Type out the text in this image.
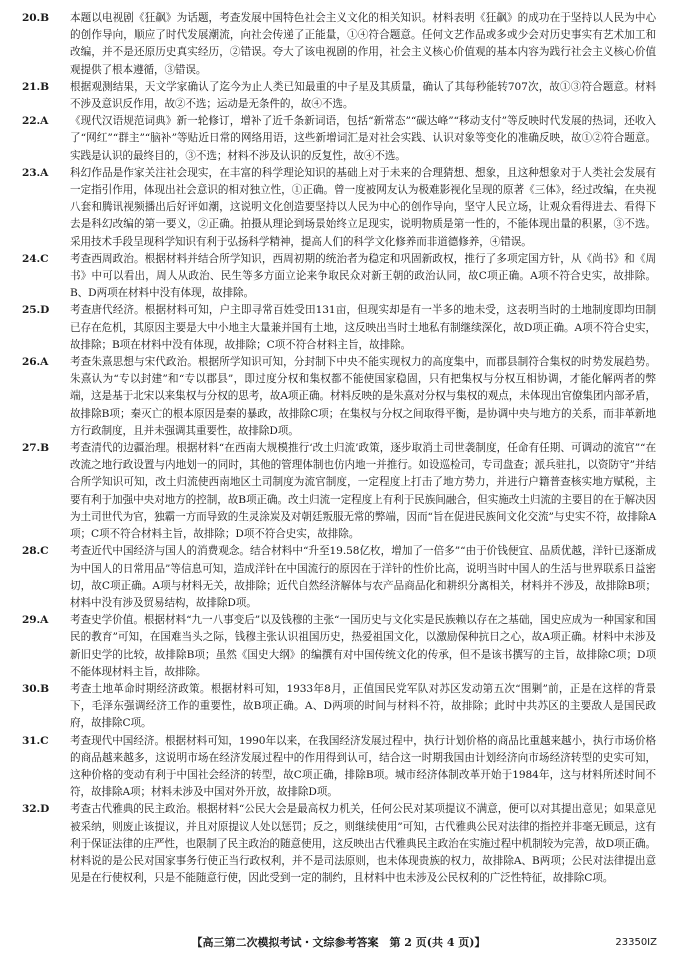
20.B	本题以电视剧《狂飙》为话题，考查发展中国特色社会主义文化的相关知识。材料表明《狂飙》的成功在于坚持以人民为中心的创作导向，顺应了时代发展潮流，向社会传递了正能量，①④符合题意。任何文艺作品或多或少会对历史事实有艺术加工和改编，并不是还原历史真实经历，②错误。夸大了该电视剧的作用，社会主义核心价值观的基本内容为践行社会主义核心价值观提供了根本遵循，③错误。
21.B	根据观测结果，天文学家确认了迄今为止人类已知最重的中子星及其质量，确认了其每秒能转707次，故①③符合题意。材料不涉及意识反作用，故②不选；运动是无条件的，故④不选。
22.A	《现代汉语规范词典》新一轮修订，增补了近千条新词语，包括“新常态”“碳达峰”“移动支付”等反映时代发展的热词，还收入了“网红”“群主”“脑补”等贴近日常的网络用语，这些新增词汇是对社会实践、认识对象等变化的准确反映，故①②符合题意。实践是认识的最终目的，③不选；材料不涉及认识的反复性，故④不选。
23.A	科幻作品是作家关注社会现实，在丰富的科学理论知识的基础上对于未来的合理猜想、想象，且这种想象对于人类社会发展有一定指引作用，体现出社会意识的相对独立性，①正确。曾一度被网友认为极难影视化呈现的原著《三体》，经过改编，在央视八套和腾讯视频播出后好评如潮，这说明文化创造要坚持以人民为中心的创作导向，坚守人民立场，让观众看得进去、看得下去是科幻改编的第一要义，②正确。拍摄从理论到场景始终立足现实，说明物质是第一性的，不能体现出量的积累，③不选。采用技术手段呈现科学知识有利于弘扬科学精神，提高人们的科学文化修养而非道德修养，④错误。
24.C	考查西周政治。根据材料并结合所学知识，西周初期的统治者为稳定和巩固新政权，推行了多项定国方针，从《尚书》和《周书》中可以看出，周人从政治、民生等多方面立论来争取民众对新王朝的政治认同，故C项正确。A项不符合史实，故排除。B、D两项在材料中没有体现，故排除。
25.D	考查唐代经济。根据材料可知，户主即寻常百姓受田131亩，但现实却是有一半多的地未受，这表明当时的土地制度即均田制已存在危机，其原因主要是大中小地主大量兼并国有土地，这反映出当时土地私有制继续深化，故D项正确。A项不符合史实，故排除；B项在材料中没有体现，故排除；C项不符合材料主旨，故排除。
26.A	考查朱熹思想与宋代政治。根据所学知识可知，分封制下中央不能实现权力的高度集中，而郡县制符合集权的时势发展趋势。朱熹认为“专以封建”和“专以郡县”，即过度分权和集权都不能使国家稳固，只有把集权与分权互相协调，才能化解两者的弊端，这是基于北宋以来集权与分权的思考，故A项正确。材料反映的是朱熹对分权与集权的观点，未体现出官僚集团内部矛盾，故排除B项；秦灭亡的根本原因是秦的暴政，故排除C项；在集权与分权之间取得平衡，是协调中央与地方的关系，而非革新地方行政制度，且并未强调其重要性，故排除D项。
27.B	考查清代的边疆治理。根据材料“在西南大规模推行‘改土归流’政策，逐步取消土司世袭制度，任命有任期、可调动的流官”“在改流之地行政设置与内地划一的同时，其他的管理体制也仿内地一并推行。如设巡检司，专司盘查；派兵驻扎，以资防守”并结合所学知识可知，改土归流使西南地区土司制度为流官制度，一定程度上打击了地方势力，并进行户籍普查核实地方赋税，主要有利于加强中央对地方的控制，故B项正确。改土归流一定程度上有利于民族间融合，但实施改土归流的主要目的在于解决因为土司世代为官，独霸一方而导致的生灵涂炭及对朝廷叛服无常的弊端，因而“旨在促进民族间文化交流”与史实不符，故排除A项；C项不符合材料主旨，故排除；D项不符合史实，故排除。
28.C	考查近代中国经济与国人的消费观念。结合材料中“升至19.58亿枚，增加了一倍多”“由于价钱便宜、品质优越，洋针已逐渐成为中国人的日常用品”等信息可知，造成洋针在中国流行的原因在于洋针的性价比高，说明当时中国人的生活与世界联系日益密切，故C项正确。A项与材料无关，故排除；近代自然经济解体与农产品商品化和耕织分离相关，材料并不涉及，故排除B项；材料中没有涉及贸易结构，故排除D项。
29.A	考查史学价值。根据材料“九一八事变后”以及钱穆的主张“一国历史与文化实是民族赖以存在之基础，国史应成为一种国家和国民的教育”可知，在国难当头之际，钱穆主张认识祖国历史，热爱祖国文化，以激励保种抗日之心，故A项正确。材料中未涉及新旧史学的比较，故排除B项；虽然《国史大纲》的编撰有对中国传统文化的传承，但不是该书撰写的主旨，故排除C项；D项不能体现材料主旨，故排除。
30.B	考查土地革命时期经济政策。根据材料可知，1933年8月，正值国民党军队对苏区发动第五次“围剿”前，正是在这样的背景下，毛泽东强调经济工作的重要性，故B项正确。A、D两项的时间与材料不符，故排除；此时中共苏区的主要敌人是国民政府，故排除C项。
31.C	考查现代中国经济。根据材料可知，1990年以来，在我国经济发展过程中，执行计划价格的商品比重越来越小，执行市场价格的商品越来越多，这说明市场在经济发展过程中的作用得到认可，结合这一时期我国由计划经济向市场经济转型的史实可知，这种价格的变动有利于中国社会经济的转型，故C项正确，排除B项。城市经济体制改革开始于1984年，这与材料所述时间不符，故排除A项；材料未涉及中国对外开放，故排除D项。
32.D	考查古代雅典的民主政治。根据材料“公民大会是最高权力机关，任何公民对某项提议不满意，便可以对其提出意见；如果意见被采纳，则废止该提议，并且对原提议人处以惩罚；反之，则继续使用”可知，古代雅典公民对法律的指控并非毫无顾忌，这有利于保证法律的庄严性，也限制了民主政治的随意使用，这反映出古代雅典民主政治在实施过程中机制较为完善，故D项正确。材料说的是公民对国家事务行使正当行政权利，并不是司法原则，也未体现贵族的权力，故排除A、B两项；公民对法律提出意见是在行使权利，只是不能随意行使，因此受到一定的制约，且材料中也未涉及公民权利的广泛性特征，故排除C项。
【高三第二次模拟考试・文综参考答案　第 2 页(共 4 页)】	23350IZ
